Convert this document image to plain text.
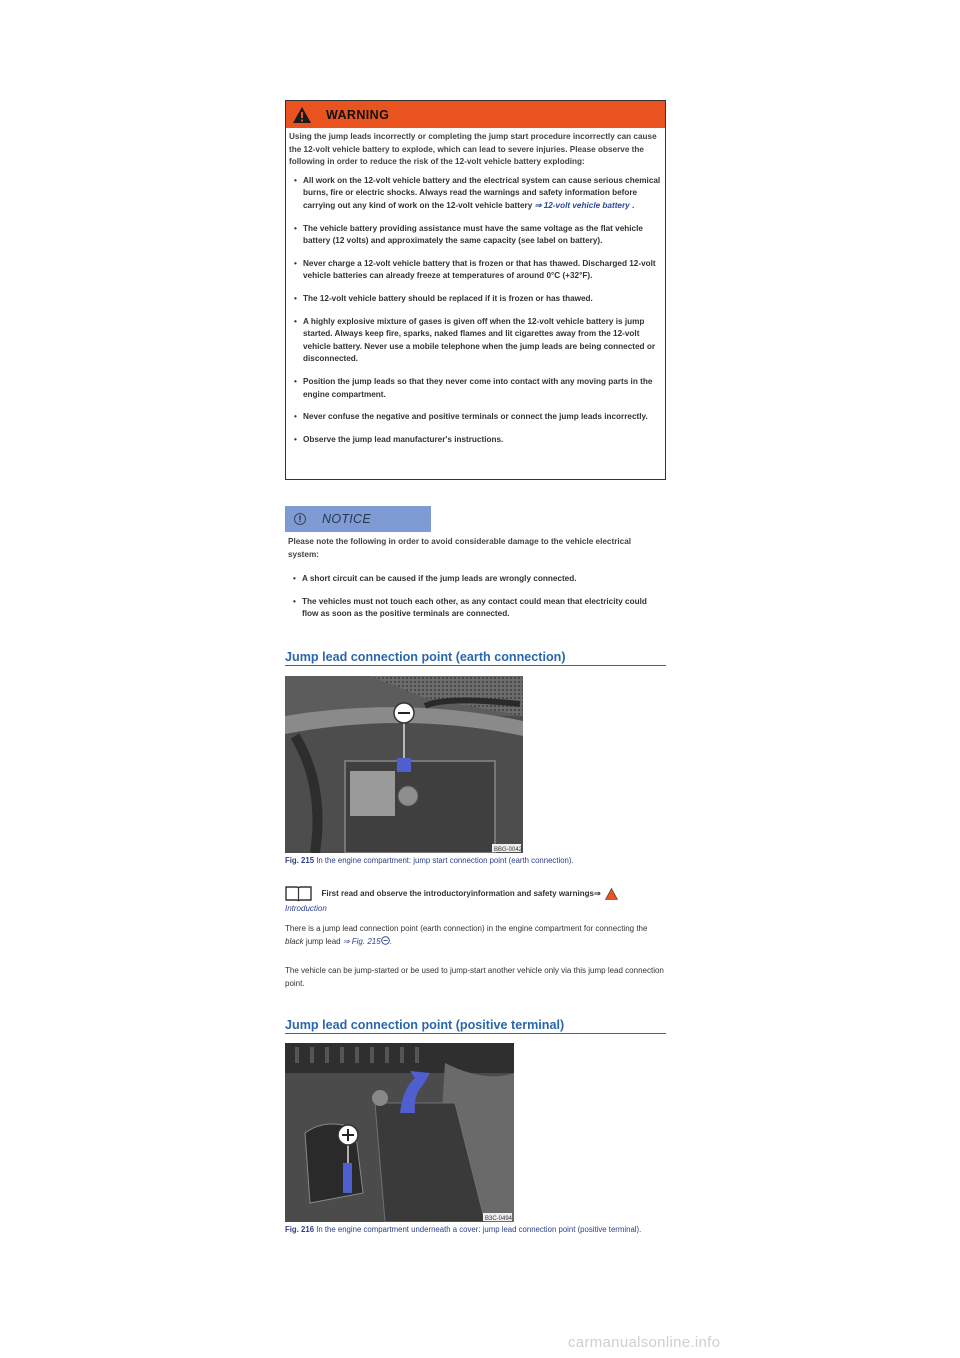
WARNING
Using the jump leads incorrectly or completing the jump start procedure incorrectly can cause the 12-volt vehicle battery to explode, which can lead to severe injuries. Please observe the following in order to reduce the risk of the 12-volt vehicle battery exploding:
• All work on the 12-volt vehicle battery and the electrical system can cause serious chemical burns, fire or electric shocks. Always read the warnings and safety information before carrying out any kind of work on the 12-volt vehicle battery ⇒ 12-volt vehicle battery .
• The vehicle battery providing assistance must have the same voltage as the flat vehicle battery (12 volts) and approximately the same capacity (see label on battery).
• Never charge a 12-volt vehicle battery that is frozen or that has thawed. Discharged 12-volt vehicle batteries can already freeze at temperatures of around 0°C (+32°F).
• The 12-volt vehicle battery should be replaced if it is frozen or has thawed.
• A highly explosive mixture of gases is given off when the 12-volt vehicle battery is jump started. Always keep fire, sparks, naked flames and lit cigarettes away from the 12-volt vehicle battery. Never use a mobile telephone when the jump leads are being connected or disconnected.
• Position the jump leads so that they never come into contact with any moving parts in the engine compartment.
• Never confuse the negative and positive terminals or connect the jump leads incorrectly.
• Observe the jump lead manufacturer's instructions.
!	NOTICE
Please note the following in order to avoid considerable damage to the vehicle electrical system:
• A short circuit can be caused if the jump leads are wrongly connected.
• The vehicles must not touch each other, as any contact could mean that electricity could flow as soon as the positive terminals are connected.
Jump lead connection point (earth connection)
BBG-0042
Fig. 215 In the engine compartment: jump start connection point (earth connection).
First read and observe the introductoryinformation and safety warnings⇒
Introduction
There is a jump lead connection point (earth connection) in the engine compartment for connecting the black jump lead ⇒ Fig. 215 .
The vehicle can be jump-started or be used to jump-start another vehicle only via this jump lead connection point.
Jump lead connection point (positive terminal)
B3C-0494
Fig. 216 In the engine compartment underneath a cover: jump lead connection point (positive terminal).
carmanualsonline.info
